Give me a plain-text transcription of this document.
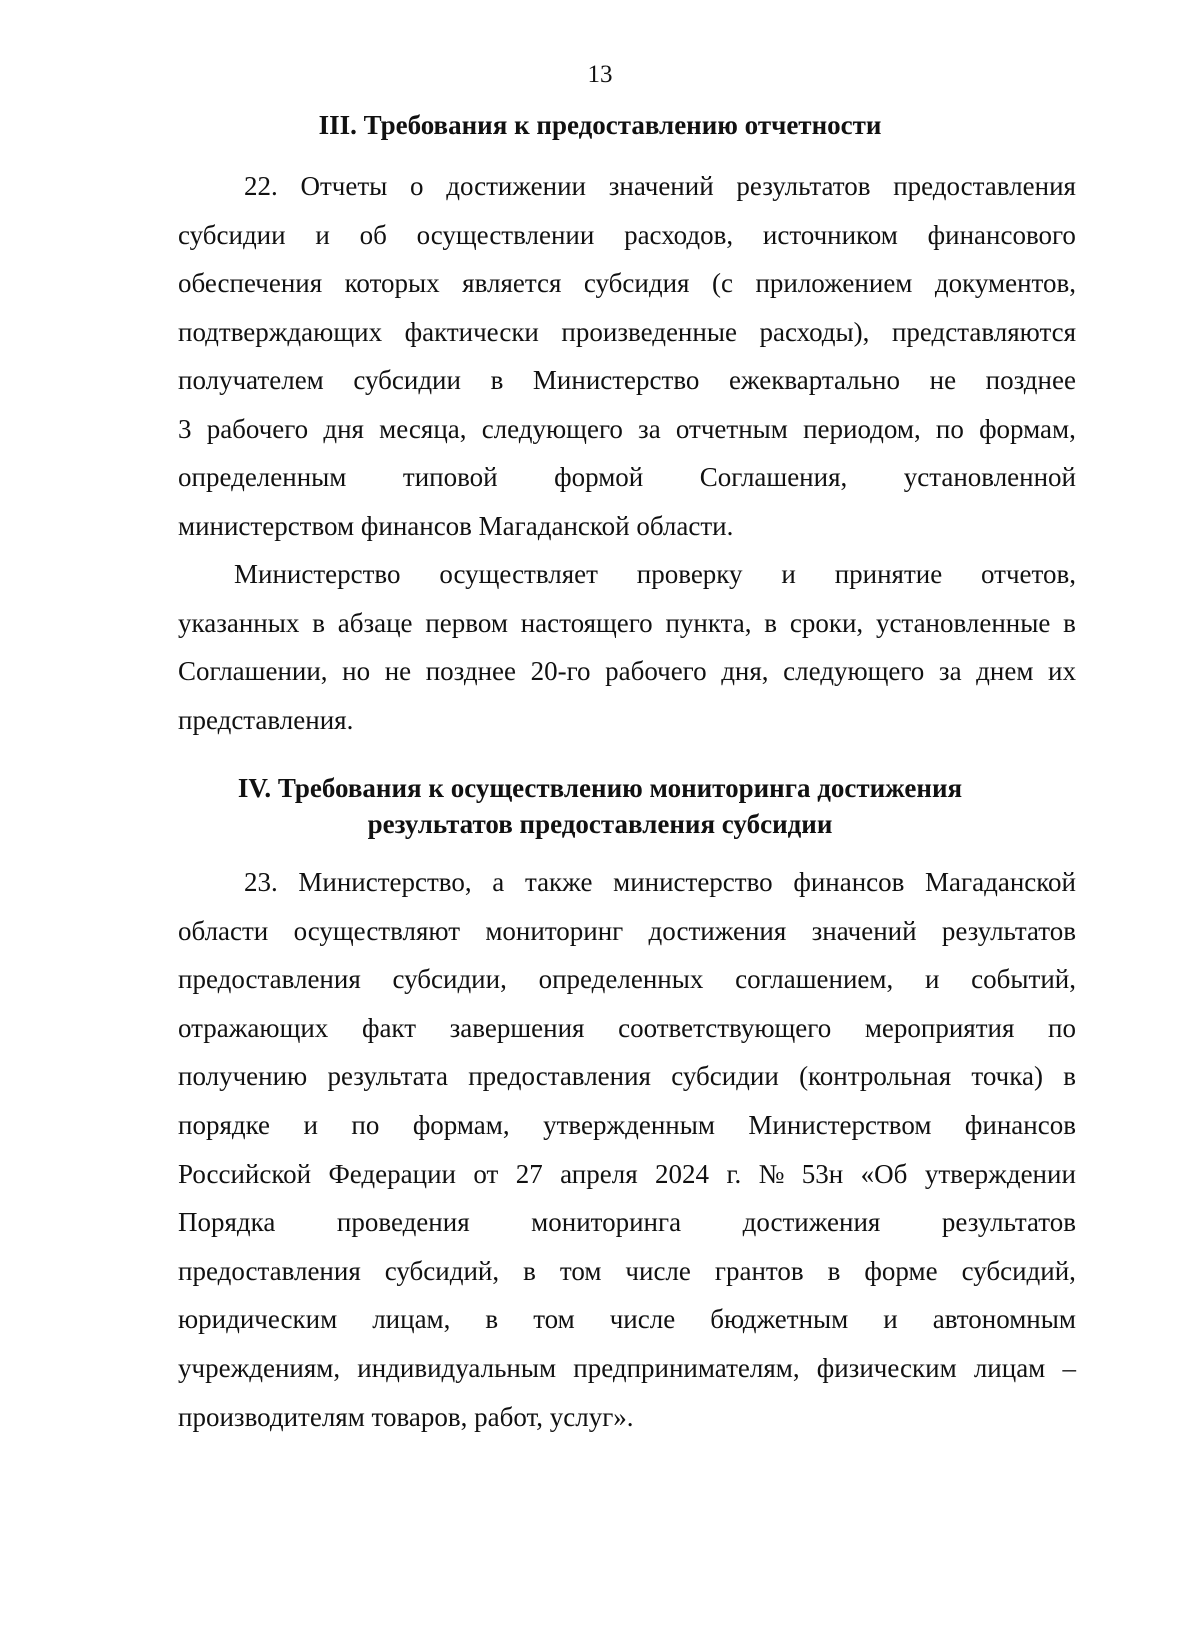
13
III. Требования к предоставлению отчетности
22. Отчеты о достижении значений результатов предоставления
субсидии и об осуществлении расходов, источником финансового
обеспечения которых является субсидия (с приложением документов,
подтверждающих фактически произведенные расходы), представляются
получателем субсидии в Министерство ежеквартально не позднее
3 рабочего дня месяца, следующего за отчетным периодом, по формам,
определенным типовой формой Соглашения, установленной
министерством финансов Магаданской области.
Министерство осуществляет проверку и принятие отчетов,
указанных в абзаце первом настоящего пункта, в сроки, установленные в
Соглашении, но не позднее 20-го рабочего дня, следующего за днем их
представления.
IV. Требования к осуществлению мониторинга достижения
результатов предоставления субсидии
23. Министерство, а также министерство финансов Магаданской
области осуществляют мониторинг достижения значений результатов
предоставления субсидии, определенных соглашением, и событий,
отражающих факт завершения соответствующего мероприятия по
получению результата предоставления субсидии (контрольная точка) в
порядке и по формам, утвержденным Министерством финансов
Российской Федерации от 27 апреля 2024 г. № 53н «Об утверждении
Порядка проведения мониторинга достижения результатов
предоставления субсидий, в том числе грантов в форме субсидий,
юридическим лицам, в том числе бюджетным и автономным
учреждениям, индивидуальным предпринимателям, физическим лицам –
производителям товаров, работ, услуг».
